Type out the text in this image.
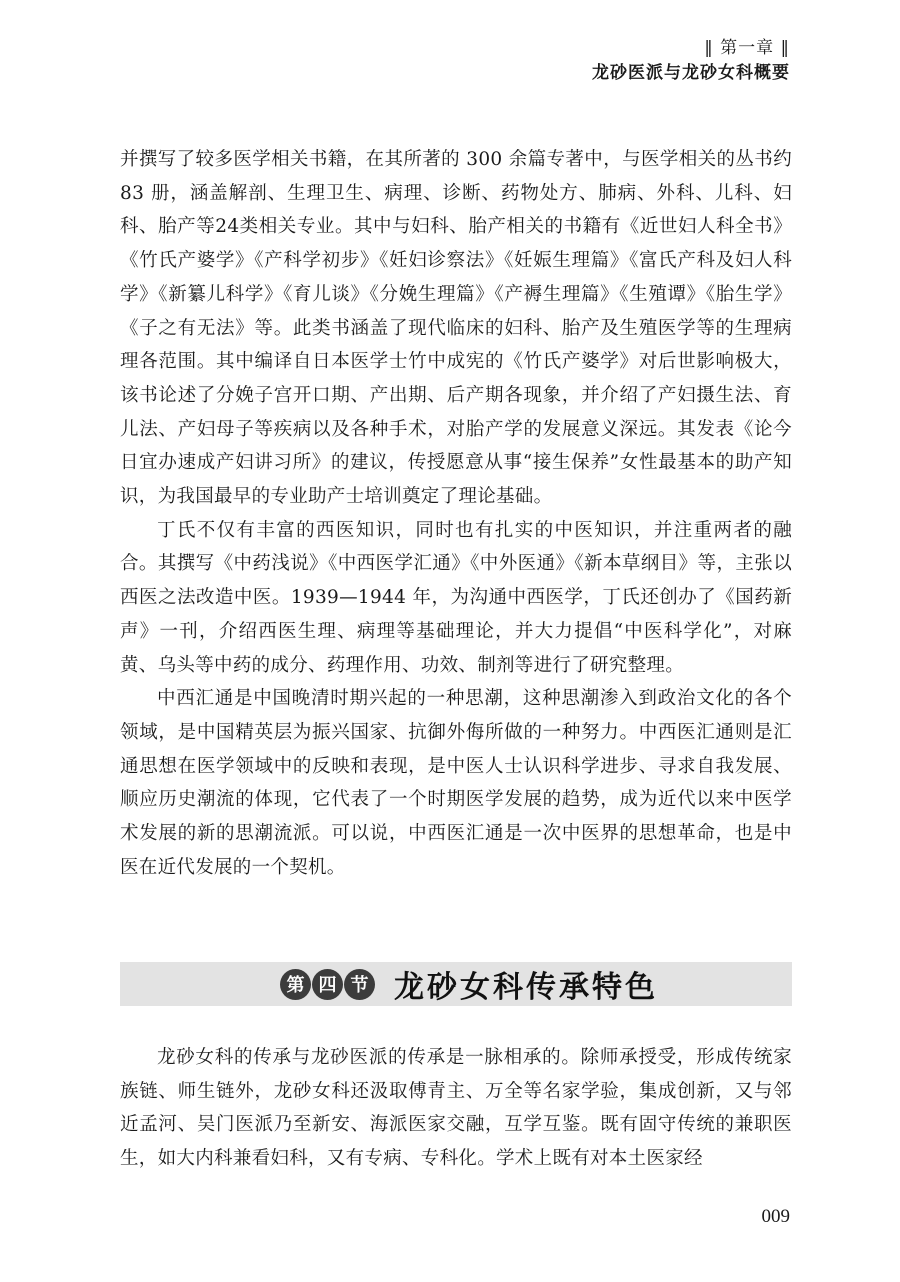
‖ 第一章 ‖
龙砂医派与龙砂女科概要

并撰写了较多医学相关书籍，在其所著的 300 余篇专著中，与医学相关的丛书约 83 册，涵盖解剖、生理卫生、病理、诊断、药物处方、肺病、外科、儿科、妇科、胎产等24类相关专业。其中与妇科、胎产相关的书籍有《近世妇人科全书》《竹氏产婆学》《产科学初步》《妊妇诊察法》《妊娠生理篇》《富氏产科及妇人科学》《新纂儿科学》《育儿谈》《分娩生理篇》《产褥生理篇》《生殖谭》《胎生学》《子之有无法》等。此类书涵盖了现代临床的妇科、胎产及生殖医学等的生理病理各范围。其中编译自日本医学士竹中成宪的《竹氏产婆学》对后世影响极大，该书论述了分娩子宫开口期、产出期、后产期各现象，并介绍了产妇摄生法、育儿法、产妇母子等疾病以及各种手术，对胎产学的发展意义深远。其发表《论今日宜办速成产妇讲习所》的建议，传授愿意从事“接生保养”女性最基本的助产知识，为我国最早的专业助产士培训奠定了理论基础。

丁氏不仅有丰富的西医知识，同时也有扎实的中医知识，并注重两者的融合。其撰写《中药浅说》《中西医学汇通》《中外医通》《新本草纲目》等，主张以西医之法改造中医。1939—1944 年，为沟通中西医学，丁氏还创办了《国药新声》一刊，介绍西医生理、病理等基础理论，并大力提倡“中医科学化”，对麻黄、乌头等中药的成分、药理作用、功效、制剂等进行了研究整理。

中西汇通是中国晚清时期兴起的一种思潮，这种思潮渗入到政治文化的各个领域，是中国精英层为振兴国家、抗御外侮所做的一种努力。中西医汇通则是汇通思想在医学领域中的反映和表现，是中医人士认识科学进步、寻求自我发展、顺应历史潮流的体现，它代表了一个时期医学发展的趋势，成为近代以来中医学术发展的新的思潮流派。可以说，中西医汇通是一次中医界的思想革命，也是中医在近代发展的一个契机。

第 四 节 龙砂女科传承特色

龙砂女科的传承与龙砂医派的传承是一脉相承的。除师承授受，形成传统家族链、师生链外，龙砂女科还汲取傅青主、万全等名家学验，集成创新，又与邻近孟河、吴门医派乃至新安、海派医家交融，互学互鉴。既有固守传统的兼职医生，如大内科兼看妇科，又有专病、专科化。学术上既有对本土医家经

009
